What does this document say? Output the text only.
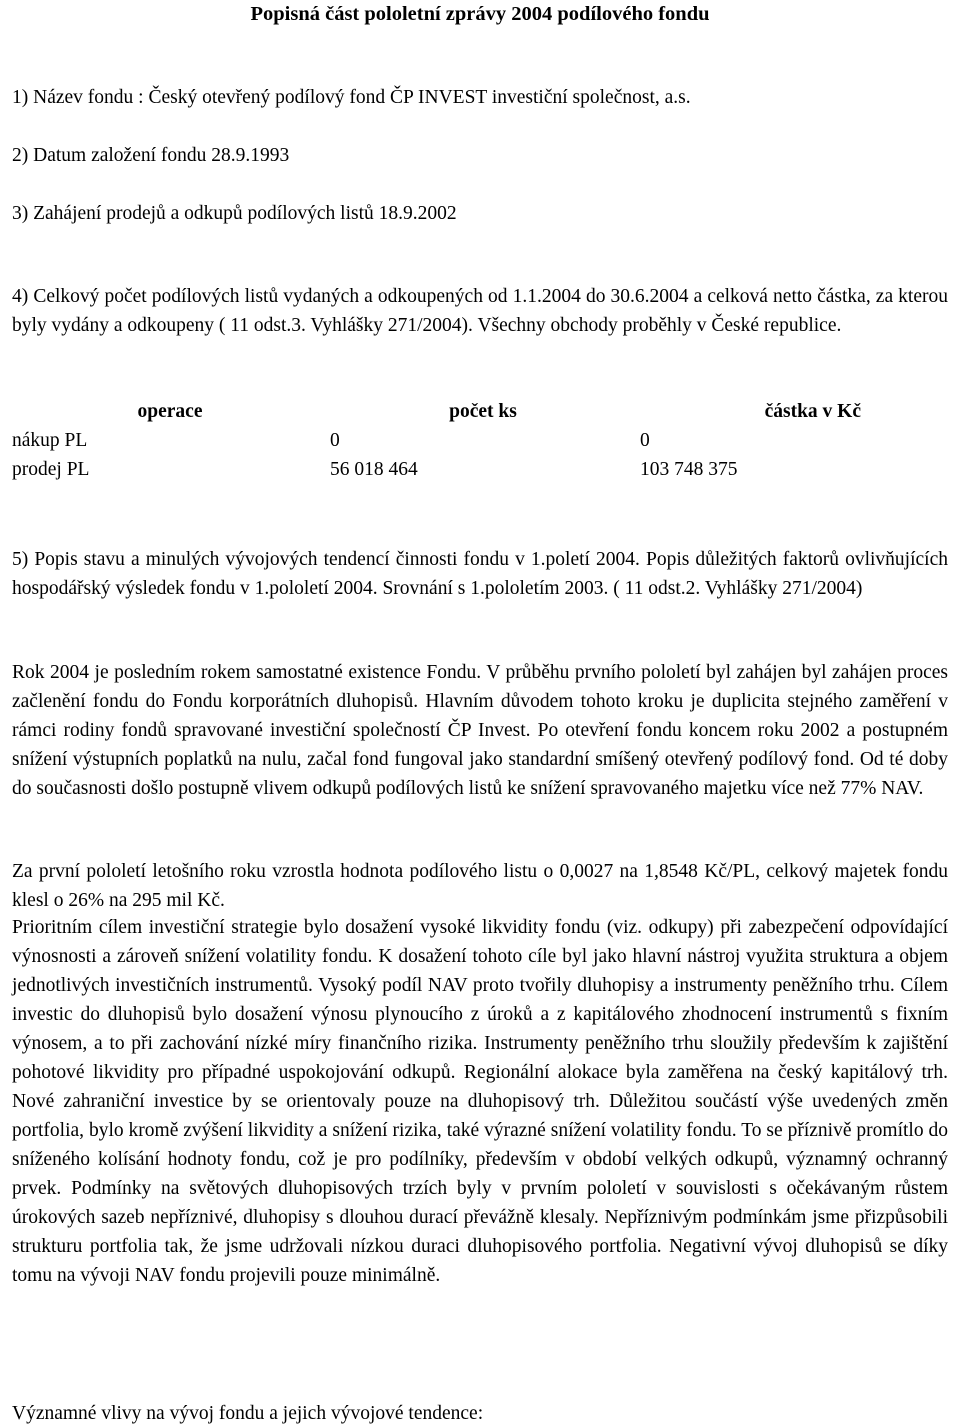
Popisná část pololetní zprávy 2004 podílového fondu
1) Název fondu : Český otevřený podílový fond ČP INVEST investiční společnost, a.s.
2) Datum založení fondu 28.9.1993
3) Zahájení prodejů a odkupů podílových listů 18.9.2002
4) Celkový počet podílových listů vydaných a odkoupených od 1.1.2004 do 30.6.2004 a celková netto částka, za kterou byly vydány a odkoupeny ( 11 odst.3. Vyhlášky 271/2004). Všechny obchody proběhly v České republice.
operace	počet ks	částka v Kč
nákup PL	0	0
prodej PL	56 018 464	103 748 375
5) Popis stavu a minulých vývojových tendencí činnosti fondu v 1.poletí 2004. Popis důležitých faktorů ovlivňujících hospodářský výsledek fondu v 1.pololetí 2004. Srovnání s 1.pololetím 2003. ( 11 odst.2. Vyhlášky 271/2004)
Rok 2004 je posledním rokem samostatné existence Fondu. V průběhu prvního pololetí byl zahájen byl zahájen proces začlenění fondu do Fondu korporátních dluhopisů. Hlavním důvodem tohoto kroku je duplicita stejného zaměření v rámci rodiny fondů spravované investiční společností ČP Invest. Po otevření fondu koncem roku 2002 a postupném snížení výstupních poplatků na nulu, začal fond fungoval jako standardní smíšený otevřený podílový fond. Od té doby do současnosti došlo postupně vlivem odkupů podílových listů ke snížení spravovaného majetku více než 77% NAV.
Za první pololetí letošního roku vzrostla hodnota podílového listu o 0,0027 na 1,8548 Kč/PL, celkový majetek fondu klesl o 26% na 295 mil Kč.
Prioritním cílem investiční strategie bylo dosažení vysoké likvidity fondu (viz. odkupy) při zabezpečení odpovídající výnosnosti a zároveň snížení volatility fondu. K dosažení tohoto cíle byl jako hlavní nástroj využita struktura a objem jednotlivých investičních instrumentů. Vysoký podíl NAV proto tvořily dluhopisy a instrumenty peněžního trhu. Cílem investic do dluhopisů bylo dosažení výnosu plynoucího z úroků a z kapitálového zhodnocení instrumentů s fixním výnosem, a to při zachování nízké míry finančního rizika. Instrumenty peněžního trhu sloužily především k zajištění pohotové likvidity pro případné uspokojování odkupů. Regionální alokace byla zaměřena na český kapitálový trh. Nové zahraniční investice by se orientovaly pouze na dluhopisový trh. Důležitou součástí výše uvedených změn portfolia, bylo kromě zvýšení likvidity a snížení rizika, také výrazné snížení volatility fondu. To se příznivě promítlo do sníženého kolísání hodnoty fondu, což je pro podílníky, především v období velkých odkupů, významný ochranný prvek. Podmínky na světových dluhopisových trzích byly v prvním pololetí v souvislosti s očekávaným růstem úrokových sazeb nepříznivé, dluhopisy s dlouhou durací převážně klesaly. Nepříznivým podmínkám jsme přizpůsobili strukturu portfolia tak, že jsme udržovali nízkou duraci dluhopisového portfolia. Negativní vývoj dluhopisů se díky tomu na vývoji NAV fondu projevili pouze minimálně.
Významné vlivy na vývoj fondu a jejich vývojové tendence:
